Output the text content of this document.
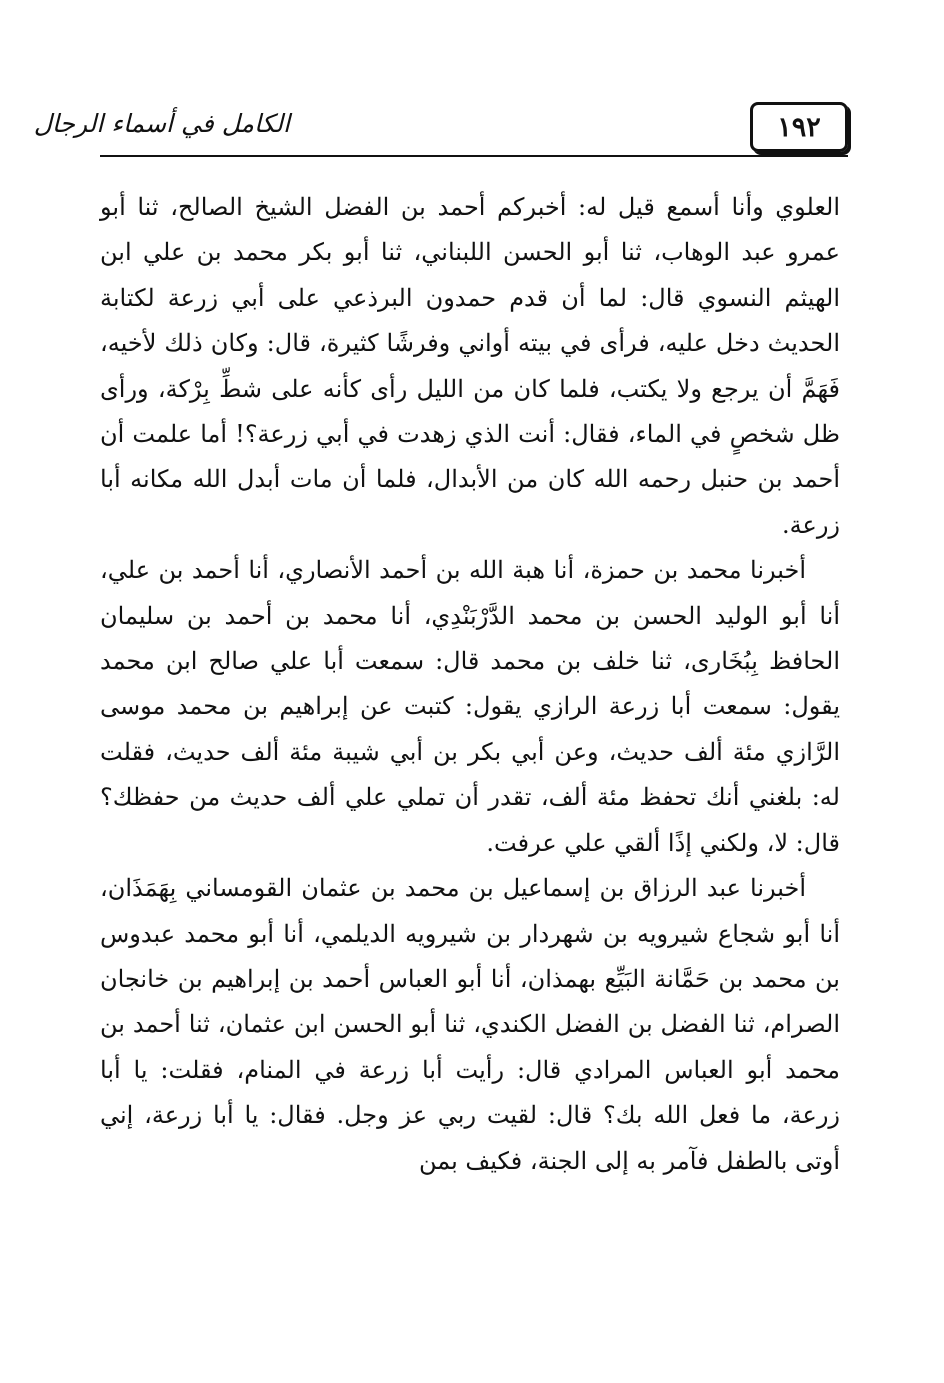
الكامل في أسماء الرجال	١٩٢

العلوي وأنا أسمع قيل له: أخبركم أحمد بن الفضل الشيخ الصالح، ثنا أبو عمرو عبد الوهاب، ثنا أبو الحسن اللبناني، ثنا أبو بكر محمد بن علي ابن الهيثم النسوي قال: لما أن قدم حمدون البرذعي على أبي زرعة لكتابة الحديث دخل عليه، فرأى في بيته أواني وفرشًا كثيرة، قال: وكان ذلك لأخيه، فَهَمَّ أن يرجع ولا يكتب، فلما كان من الليل رأى كأنه على شطِّ بِرْكة، ورأى ظل شخصٍ في الماء، فقال: أنت الذي زهدت في أبي زرعة؟! أما علمت أن أحمد بن حنبل رحمه الله كان من الأبدال، فلما أن مات أبدل الله مكانه أبا زرعة.

أخبرنا محمد بن حمزة، أنا هبة الله بن أحمد الأنصاري، أنا أحمد بن علي، أنا أبو الوليد الحسن بن محمد الدَّرْبَنْدِي، أنا محمد بن أحمد بن سليمان الحافظ بِبُخَارى، ثنا خلف بن محمد قال: سمعت أبا علي صالح ابن محمد يقول: سمعت أبا زرعة الرازي يقول: كتبت عن إبراهيم بن محمد موسى الرَّازي مئة ألف حديث، وعن أبي بكر بن أبي شيبة مئة ألف حديث، فقلت له: بلغني أنك تحفظ مئة ألف، تقدر أن تملي علي ألف حديث من حفظك؟ قال: لا، ولكني إذًا ألقي علي عرفت.

أخبرنا عبد الرزاق بن إسماعيل بن محمد بن عثمان القومساني بِهَمَذَان، أنا أبو شجاع شيرويه بن شهردار بن شيرويه الديلمي، أنا أبو محمد عبدوس بن محمد بن حَمَّانة البَيِّع بهمذان، أنا أبو العباس أحمد بن إبراهيم بن خانجان الصرام، ثنا الفضل بن الفضل الكندي، ثنا أبو الحسن ابن عثمان، ثنا أحمد بن محمد أبو العباس المرادي قال: رأيت أبا زرعة في المنام، فقلت: يا أبا زرعة، ما فعل الله بك؟ قال: لقيت ربي عز وجل. فقال: يا أبا زرعة، إني أوتى بالطفل فآمر به إلى الجنة، فكيف بمن
